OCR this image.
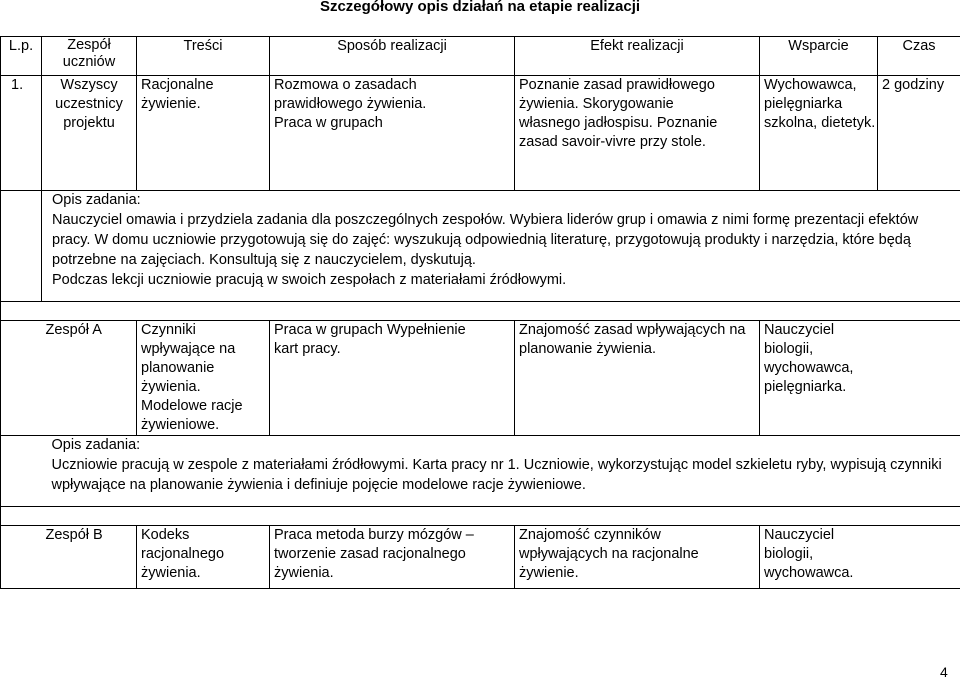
Szczegółowy opis działań na etapie realizacji
L.p.	Zespół uczniów	Treści	Sposób realizacji	Efekt realizacji	Wsparcie	Czas
1.	Wszyscy uczestnicy projektu	Racjonalne żywienie.	Rozmowa o zasadach prawidłowego żywienia. Praca w grupach	Poznanie zasad prawidłowego żywienia. Skorygowanie własnego jadłospisu. Poznanie zasad savoir-vivre przy stole.	Wychowawca, pielęgniarka szkolna, dietetyk.	2 godziny

	Opis zadania:
Nauczyciel omawia i przydziela zadania dla poszczególnych zespołów. Wybiera liderów grup i omawia z nimi formę prezentacji efektów pracy. W domu uczniowie przygotowują się do zajęć: wyszukują odpowiednią literaturę, przygotowują produkty i narzędzia, które będą potrzebne na zajęciach. Konsultują się z nauczycielem, dyskutują.
Podczas lekcji uczniowie pracują w swoich zespołach z materiałami źródłowymi.					

	Zespół A	Czynniki wpływające na planowanie żywienia. Modelowe racje żywieniowe.	Praca w grupach Wypełnienie kart pracy.	Znajomość zasad wpływających na planowanie żywienia.	Nauczyciel biologii, wychowawca, pielęgniarka.	

	Opis zadania:
Uczniowie pracują w zespole z materiałami źródłowymi. Karta pracy nr 1. Uczniowie, wykorzystując model szkieletu ryby, wypisują czynniki wpływające na planowanie żywienia i definiuje pojęcie modelowe racje żywieniowe.					

	Zespół B	Kodeks racjonalnego żywienia.	Praca metoda burzy mózgów – tworzenie zasad racjonalnego żywienia.	Znajomość czynników wpływających na racjonalne żywienie.	Nauczyciel biologii, wychowawca.	
4
